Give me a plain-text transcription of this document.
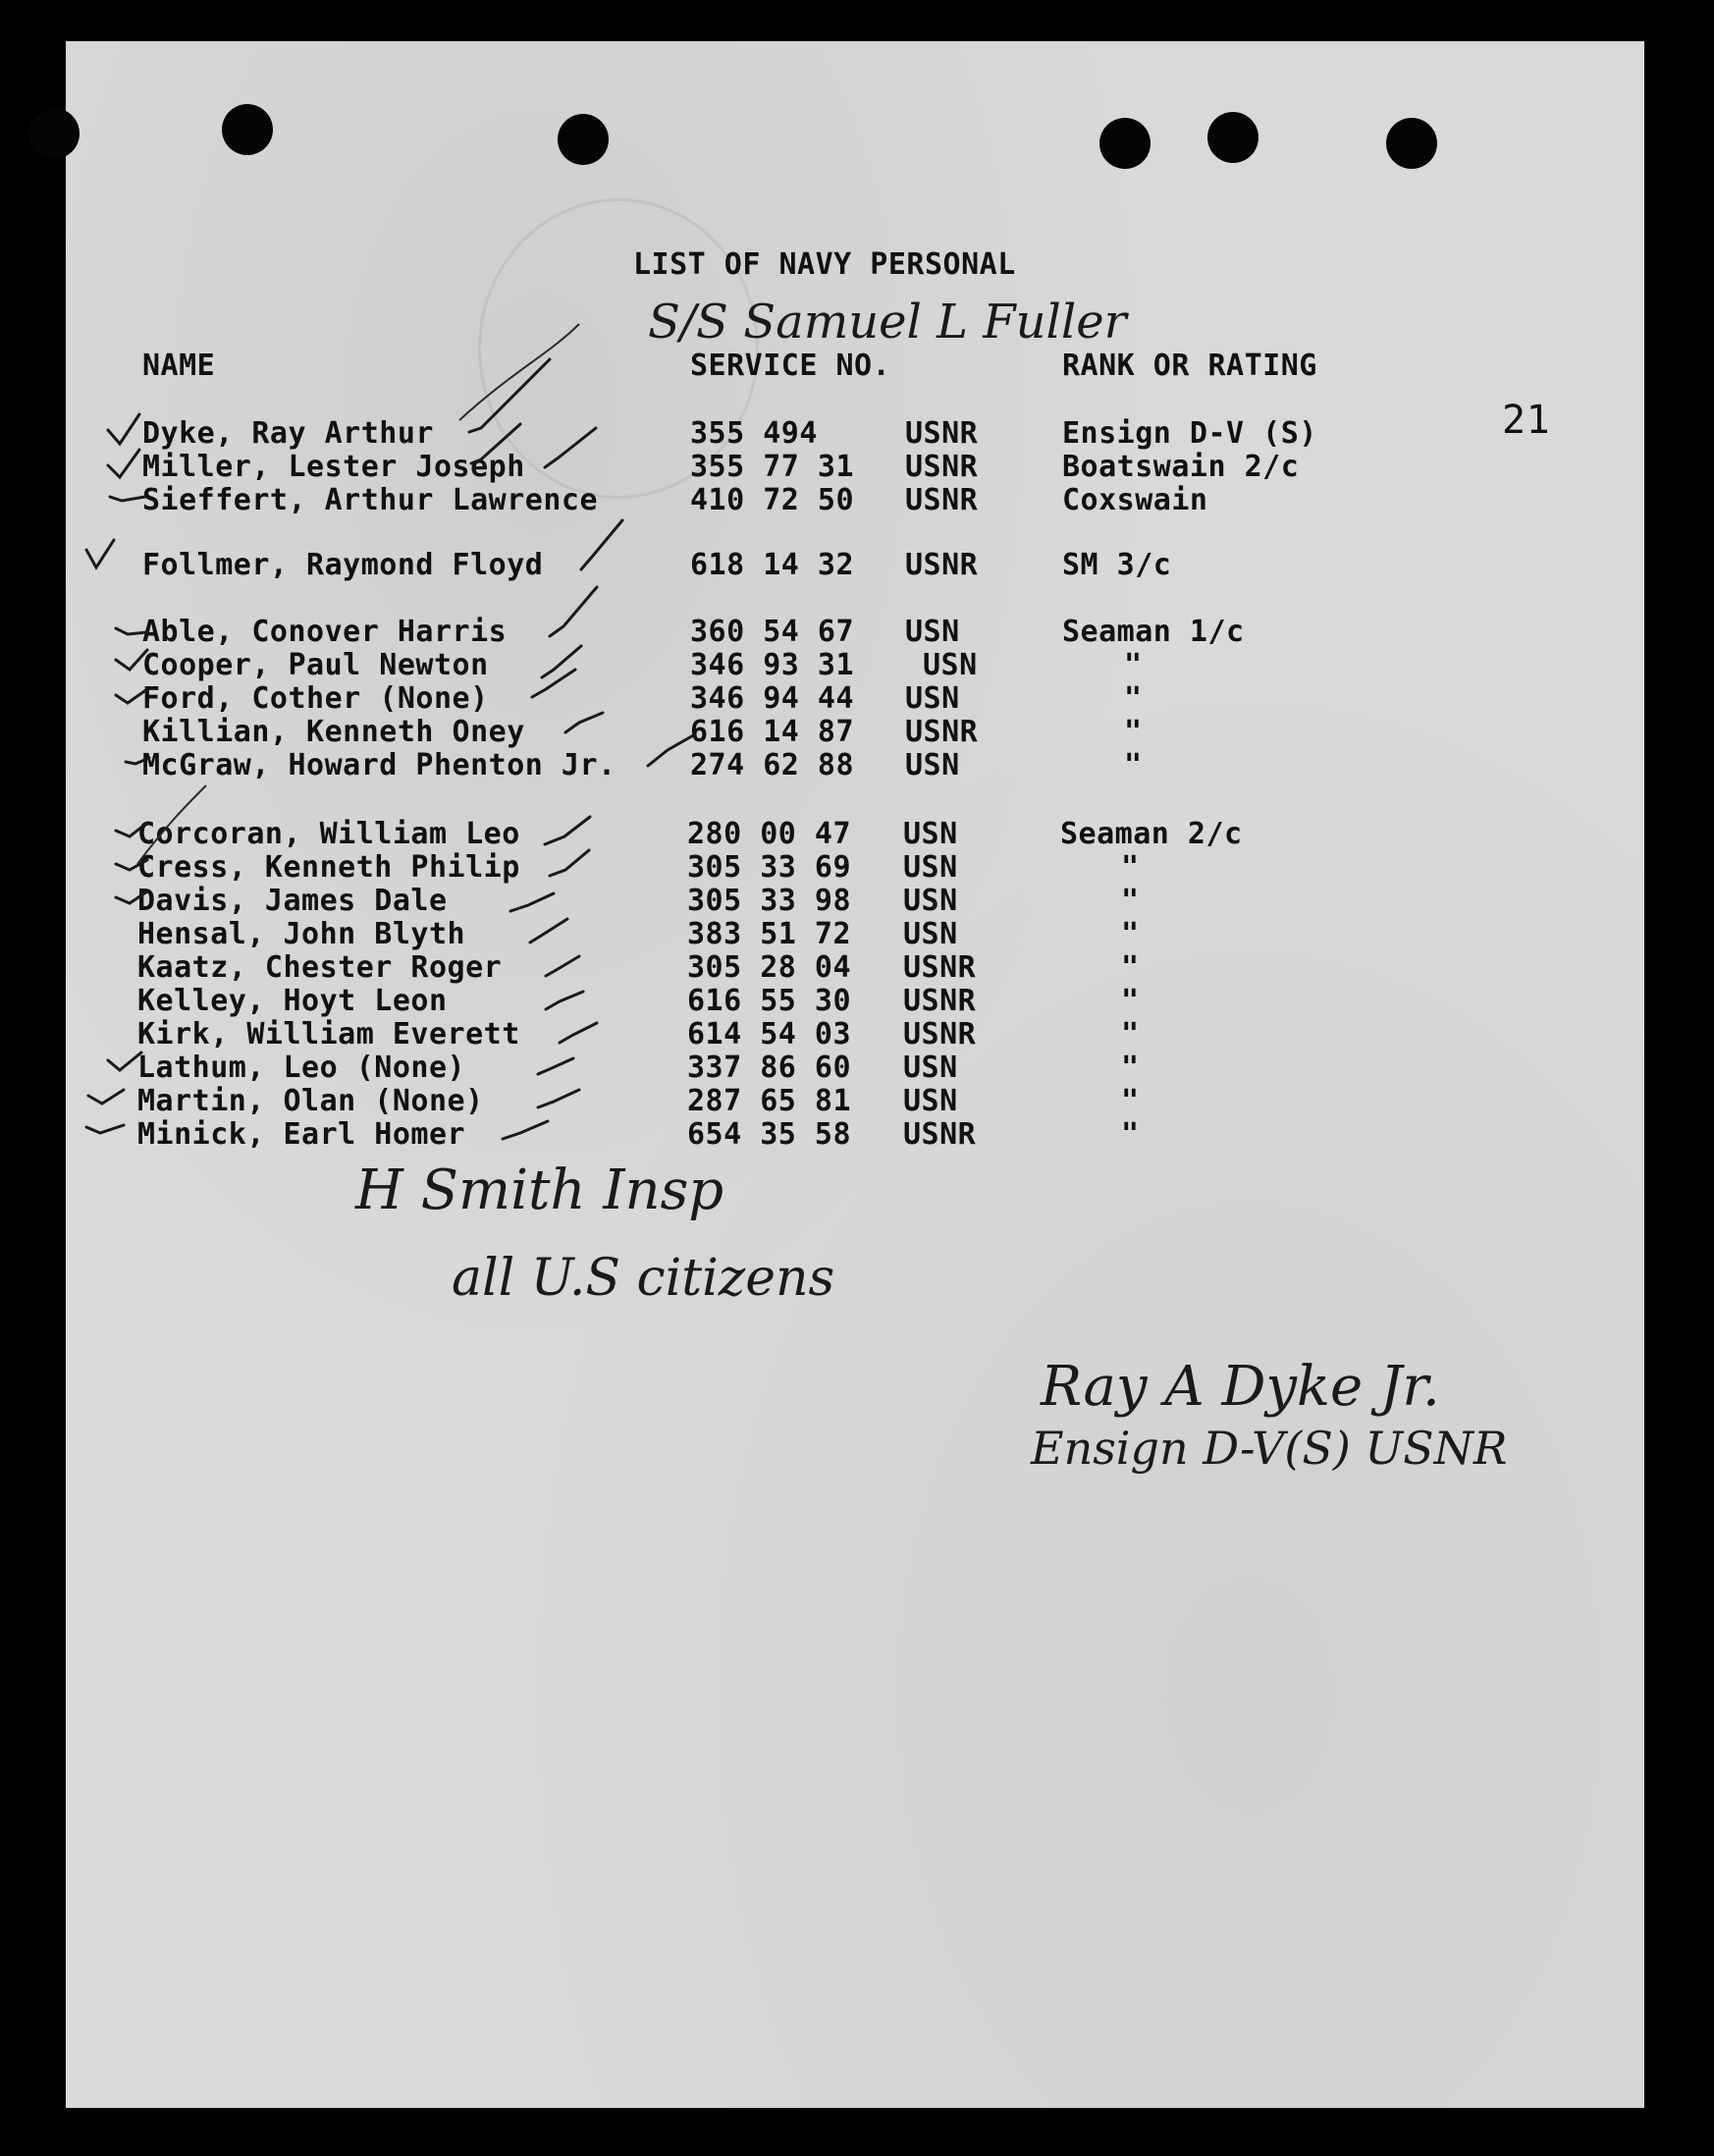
LIST OF NAVY PERSONAL
S/S Samuel L Fuller
21
NAME	SERVICE NO.	RANK OR RATING
Dyke, Ray Arthur	355 494	USNR	Ensign D-V (S)
Miller, Lester Joseph	355 77 31 USNR	Boatswain 2/c
Sieffert, Arthur Lawrence	410 72 50 USNR	Coxswain
Follmer, Raymond Floyd	618 14 32 USNR	SM 3/c
Able, Conover Harris	360 54 67 USN	Seaman 1/c
Cooper, Paul Newton	346 93 31 USN	"
Ford, Cother (None)	346 94 44 USN	"
Killian, Kenneth Oney	616 14 87 USNR	"
McGraw, Howard Phenton Jr.	274 62 88 USN	"
Corcoran, William Leo	280 00 47 USN	Seaman 2/c
Cress, Kenneth Philip	305 33 69 USN	"
Davis, James Dale	305 33 98 USN	"
Hensal, John Blyth	383 51 72 USN	"
Kaatz, Chester Roger	305 28 04 USNR	"
Kelley, Hoyt Leon	616 55 30 USNR	"
Kirk, William Everett	614 54 03 USNR	"
Lathum, Leo (None)	337 86 60 USN	"
Martin, Olan (None)	287 65 81 USN	"
Minick, Earl Homer	654 35 58 USNR	"
H Smith Insp
all U.S citizens
Ray A Dyke Jr.
Ensign D-V(S) USNR
